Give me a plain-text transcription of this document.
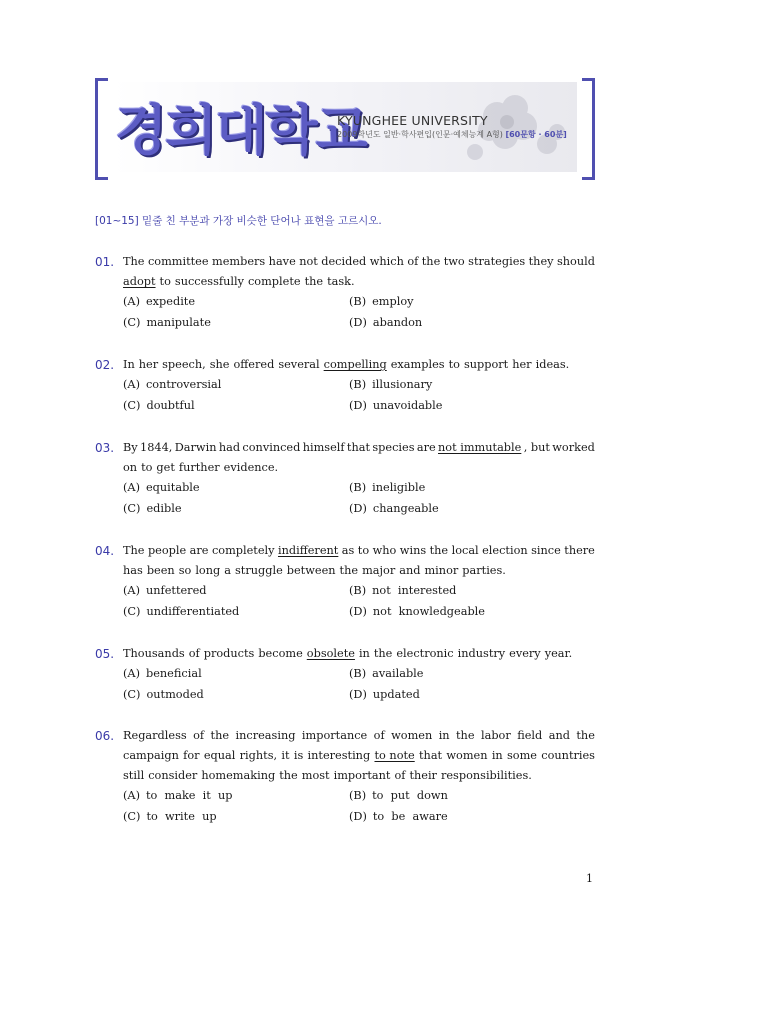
경희대학교
KYUNGHEE UNIVERSITY
2009학년도 일반·학사편입(인문·예체능계 A형) [60문항 · 60분]
[01~15] 밑줄 친 부분과 가장 비슷한 단어나 표현을 고르시오.
01. The committee members have not decided which of the two strategies they should
adopt to successfully complete the task.
(A) expedite	(B) employ
(C) manipulate	(D) abandon
02. In her speech, she offered several compelling examples to support her ideas.
(A) controversial	(B) illusionary
(C) doubtful	(D) unavoidable
03. By 1844, Darwin had convinced himself that species are not immutable , but worked
on to get further evidence.
(A) equitable	(B) ineligible
(C) edible	(D) changeable
04. The people are completely indifferent as to who wins the local election since there
has been so long a struggle between the major and minor parties.
(A) unfettered	(B) not  interested
(C) undifferentiated	(D) not  knowledgeable
05. Thousands of products become obsolete in the electronic industry every year.
(A) beneficial	(B) available
(C) outmoded	(D) updated
06. Regardless of the increasing importance of women in the labor field and the
campaign for equal rights, it is interesting to note that women in some countries
still consider homemaking the most important of their responsibilities.
(A) to  make  it  up	(B) to  put  down
(C) to  write  up	(D) to  be  aware
1
